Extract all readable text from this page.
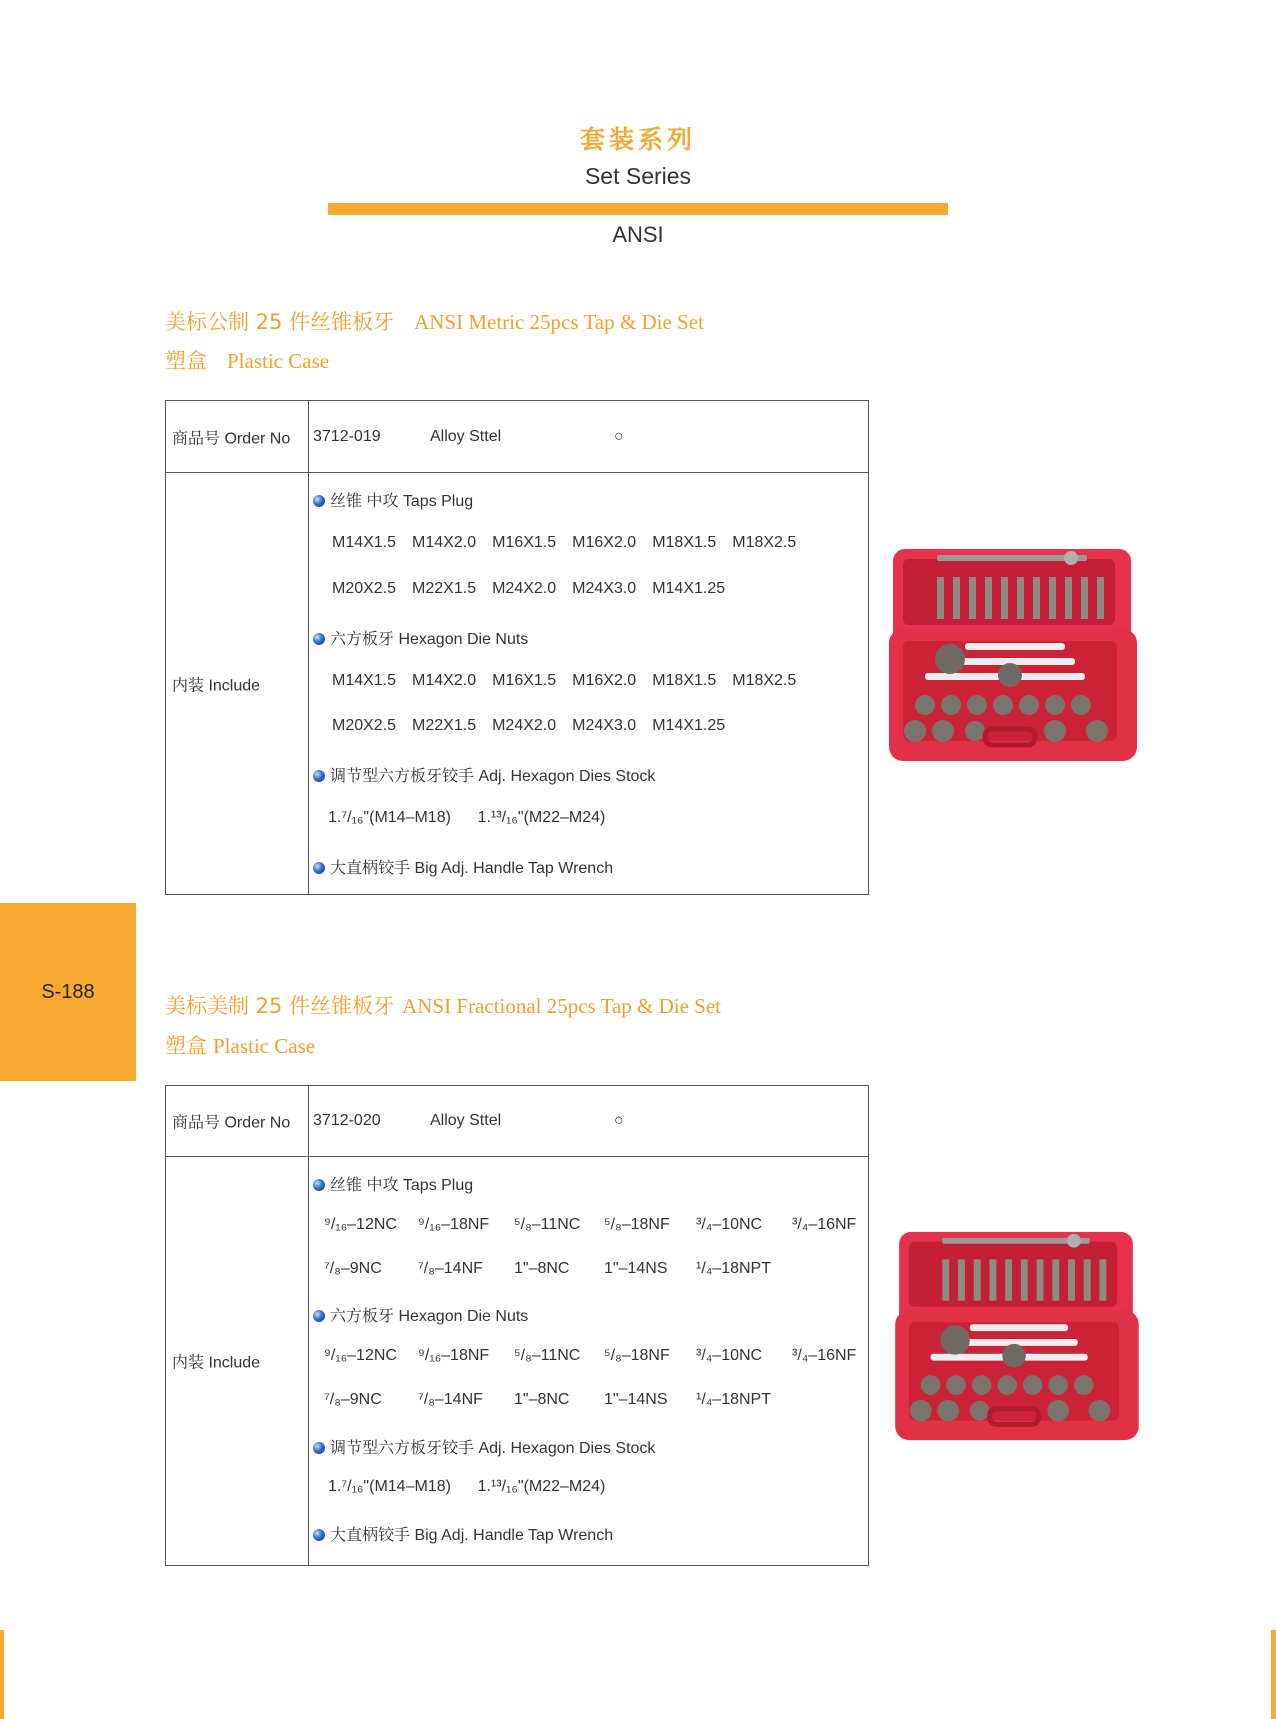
套装系列
Set Series
ANSI
S-188
美标公制 25 件丝锥板牙 ANSI Metric 25pcs Tap & Die Set
塑盒 Plastic Case
商品号 Order No 3712-019	Alloy Sttel	○
内装 Include
丝锥 中攻 Taps Plug
M14X1.5 M14X2.0 M16X1.5 M16X2.0 M18X1.5 M18X2.5
M20X2.5 M22X1.5 M24X2.0 M24X3.0 M14X1.25
六方板牙 Hexagon Die Nuts
M14X1.5 M14X2.0 M16X1.5 M16X2.0 M18X1.5 M18X2.5
M20X2.5 M22X1.5 M24X2.0 M24X3.0 M14X1.25
调节型六方板牙铰手 Adj. Hexagon Dies Stock
1.⁷/₁₆"(M14–M18)      1.¹³/₁₆"(M22–M24)
大直柄铰手 Big Adj. Handle Tap Wrench
美标美制 25 件丝锥板牙 ANSI Fractional 25pcs Tap & Die Set
塑盒 Plastic Case
商品号 Order No 3712-020	Alloy Sttel	○
内装 Include
丝锥 中攻 Taps Plug
⁹/₁₆–12NC ⁹/₁₆–18NF ⁵/₈–11NC ⁵/₈–18NF ³/₄–10NC ³/₄–16NF
⁷/₈–9NC ⁷/₈–14NF 1"–8NC 1"–14NS ¹/₄–18NPT
六方板牙 Hexagon Die Nuts
⁹/₁₆–12NC ⁹/₁₆–18NF ⁵/₈–11NC ⁵/₈–18NF ³/₄–10NC ³/₄–16NF
⁷/₈–9NC ⁷/₈–14NF 1"–8NC 1"–14NS ¹/₄–18NPT
调节型六方板牙铰手 Adj. Hexagon Dies Stock
1.⁷/₁₆"(M14–M18)      1.¹³/₁₆"(M22–M24)
大直柄铰手 Big Adj. Handle Tap Wrench
